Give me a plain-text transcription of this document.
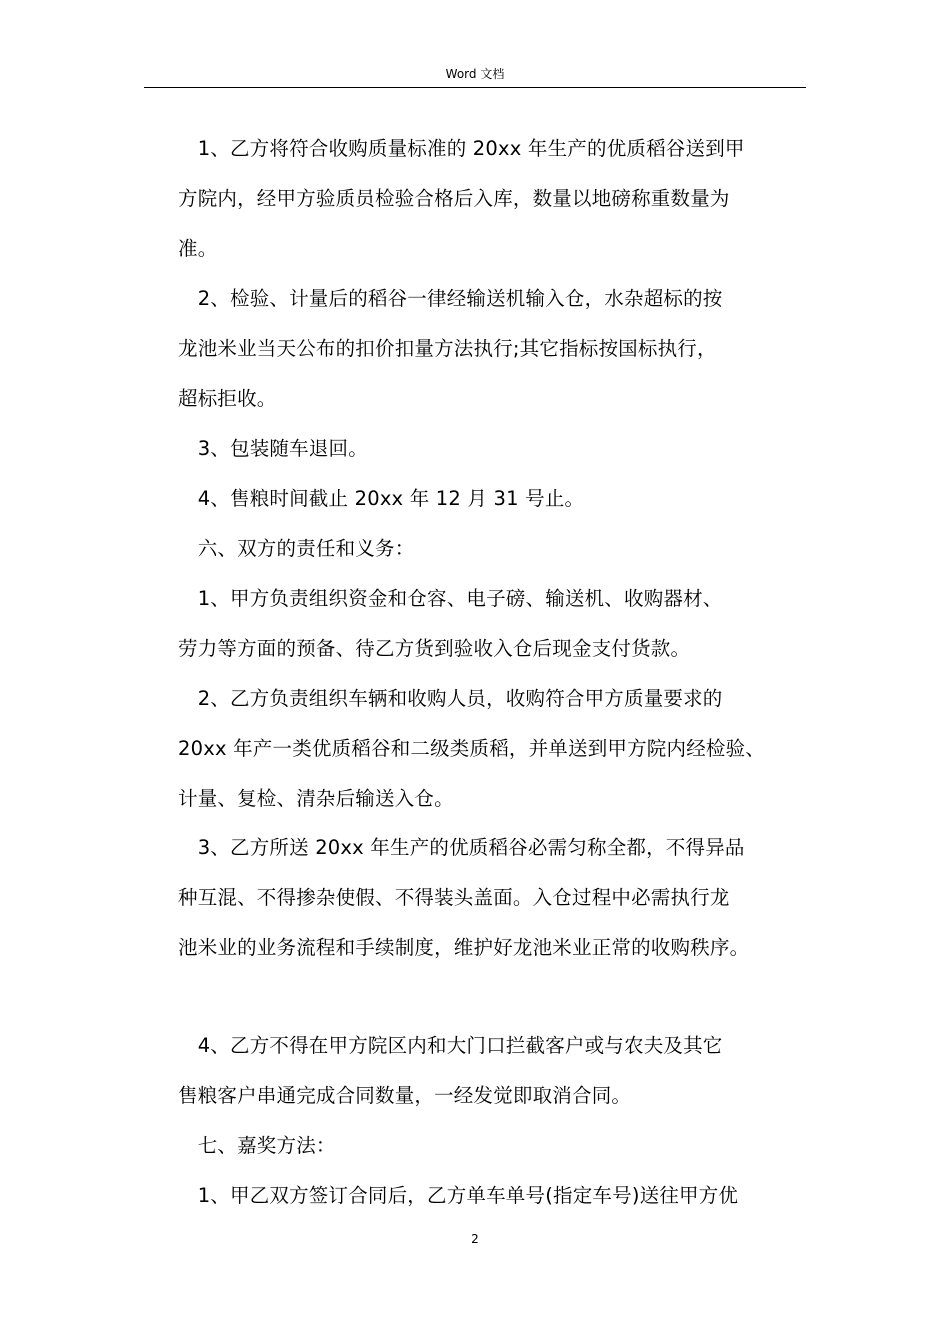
Word 文档
　1、乙方将符合收购质量标准的 20xx 年生产的优质稻谷送到甲
方院内，经甲方验质员检验合格后入库，数量以地磅称重数量为
准。
　2、检验、计量后的稻谷一律经输送机输入仓，水杂超标的按
龙池米业当天公布的扣价扣量方法执行;其它指标按国标执行，
超标拒收。
　3、包装随车退回。
　4、售粮时间截止 20xx 年 12 月 31 号止。
　六、双方的责任和义务：
　1、甲方负责组织资金和仓容、电子磅、输送机、收购器材、
劳力等方面的预备、待乙方货到验收入仓后现金支付货款。
　2、乙方负责组织车辆和收购人员，收购符合甲方质量要求的
20xx 年产一类优质稻谷和二级类质稻，并单送到甲方院内经检验、
计量、复检、清杂后输送入仓。
　3、乙方所送 20xx 年生产的优质稻谷必需匀称全都，不得异品
种互混、不得掺杂使假、不得装头盖面。入仓过程中必需执行龙
池米业的业务流程和手续制度，维护好龙池米业正常的收购秩序。
　4、乙方不得在甲方院区内和大门口拦截客户或与农夫及其它
售粮客户串通完成合同数量，一经发觉即取消合同。
　七、嘉奖方法：
　1、甲乙双方签订合同后，乙方单车单号(指定车号)送往甲方优
2
